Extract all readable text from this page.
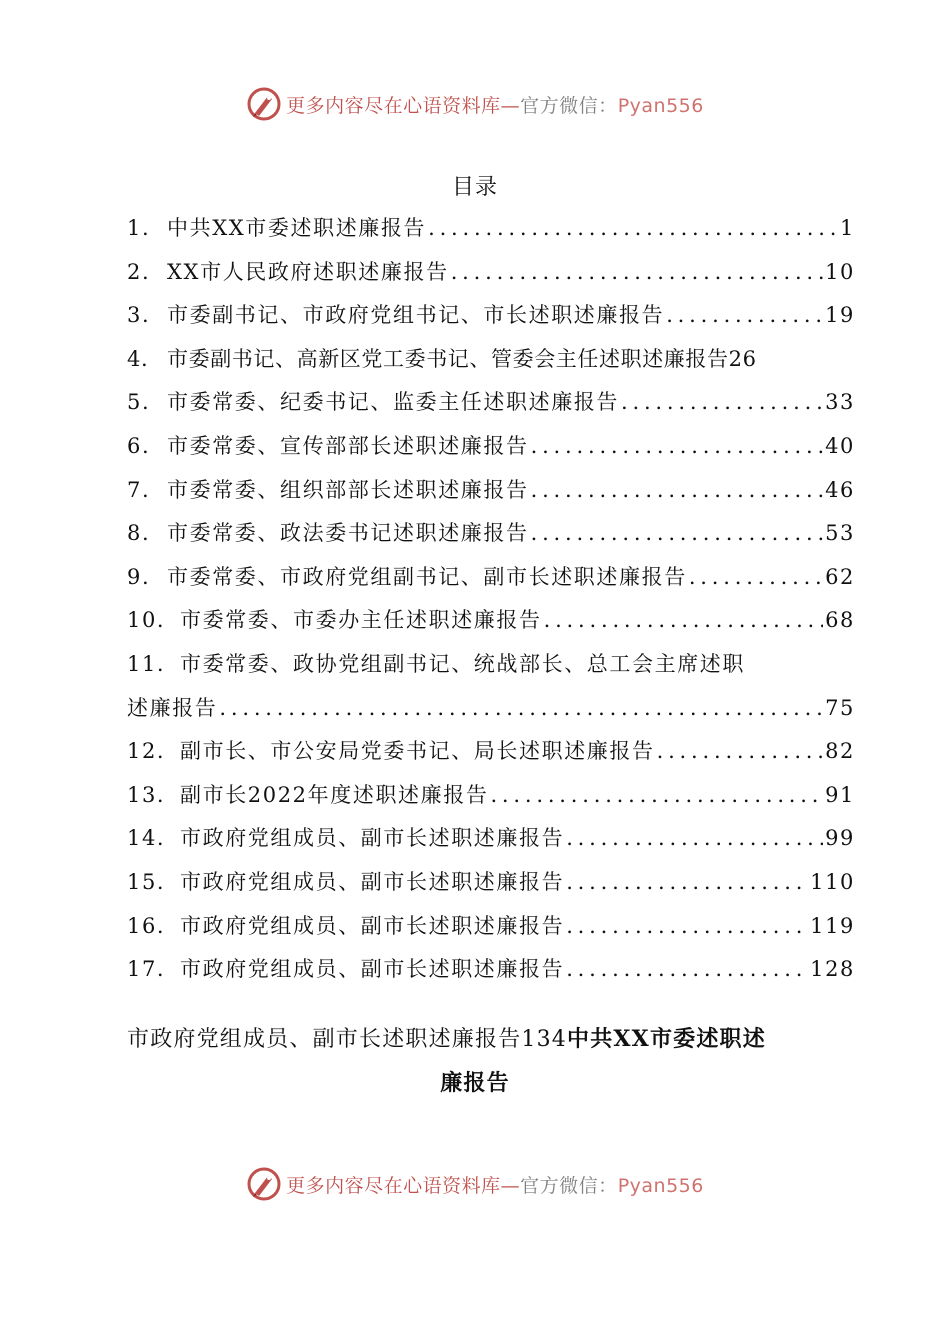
更多内容尽在心语资料库—官方微信：Pyan556
目录
1. 中共XX市委述职述廉报告 .....	1
2. XX市人民政府述职述廉报告 .....	10
3. 市委副书记、市政府党组书记、市长述职述廉报告 .....	19
4. 市委副书记、高新区党工委书记、管委会主任述职述廉报告 26
5. 市委常委、纪委书记、监委主任述职述廉报告 .....	33
6. 市委常委、宣传部部长述职述廉报告 .....	40
7. 市委常委、组织部部长述职述廉报告 .....	46
8. 市委常委、政法委书记述职述廉报告 .....	53
9. 市委常委、市政府党组副书记、副市长述职述廉报告 .....	62
10. 市委常委、市委办主任述职述廉报告 .....	68
11. 市委常委、政协党组副书记、统战部长、总工会主席述职
述廉报告 .....	75
12. 副市长、市公安局党委书记、局长述职述廉报告 .....	82
13. 副市长2022年度述职述廉报告 .....	91
14. 市政府党组成员、副市长述职述廉报告 .....	99
15. 市政府党组成员、副市长述职述廉报告 .....	110
16. 市政府党组成员、副市长述职述廉报告 .....	119
17. 市政府党组成员、副市长述职述廉报告 .....	128
市政府党组成员、副市长述职述廉报告134中共XX市委述职述
廉报告
更多内容尽在心语资料库—官方微信：Pyan556
